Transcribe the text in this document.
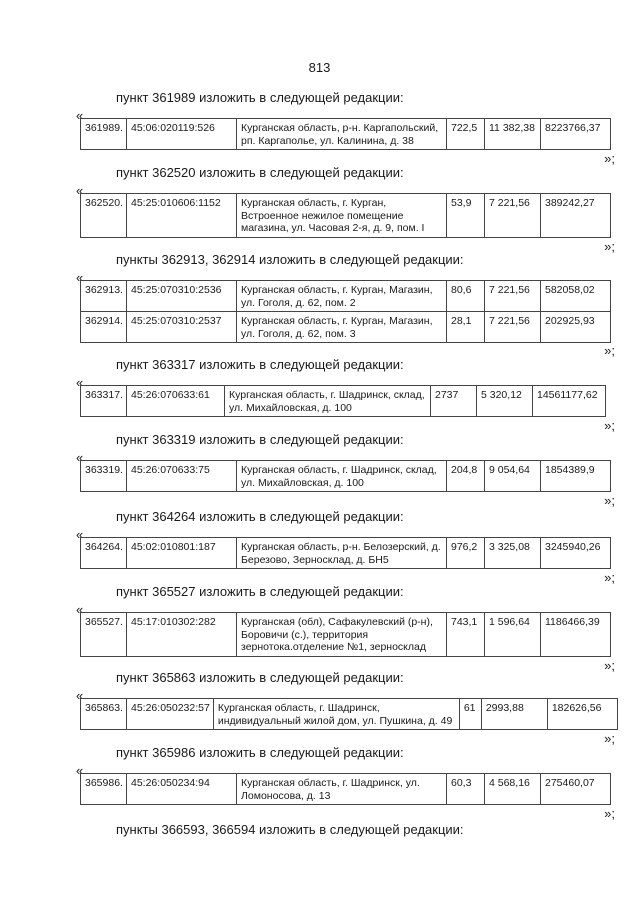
813
пункт 361989 изложить в следующей редакции:
«
361989.	45:06:020119:526	Курганская область, р-н. Каргапольский, рп. Каргаполье, ул. Калинина, д. 38	722,5	11 382,38	8223766,37
»;
пункт 362520 изложить в следующей редакции:
«
362520.	45:25:010606:1152	Курганская область, г. Курган, Встроенное нежилое помещение магазина, ул. Часовая 2-я, д. 9, пом. I	53,9	7 221,56	389242,27
»;
пункты 362913, 362914 изложить в следующей редакции:
«
362913.	45:25:070310:2536	Курганская область, г. Курган, Магазин, ул. Гоголя, д. 62, пом. 2	80,6	7 221,56	582058,02
362914.	45:25:070310:2537	Курганская область, г. Курган, Магазин, ул. Гоголя, д. 62, пом. 3	28,1	7 221,56	202925,93
»;
пункт 363317 изложить в следующей редакции:
«
363317.	45:26:070633:61	Курганская область, г. Шадринск, склад, ул. Михайловская, д. 100	2737	5 320,12	14561177,62
»;
пункт 363319 изложить в следующей редакции:
«
363319.	45:26:070633:75	Курганская область, г. Шадринск, склад, ул. Михайловская, д. 100	204,8	9 054,64	1854389,9
»;
пункт 364264 изложить в следующей редакции:
«
364264.	45:02:010801:187	Курганская область, р-н. Белозерский, д. Березово, Зерносклад, д. БН5	976,2	3 325,08	3245940,26
»;
пункт 365527 изложить в следующей редакции:
«
365527.	45:17:010302:282	Курганская (обл), Сафакулевский (р-н), Боровичи (с.), территория зернотока.отделение №1, зерносклад	743,1	1 596,64	1186466,39
»;
пункт 365863 изложить в следующей редакции:
«
365863.	45:26:050232:57	Курганская область, г. Шадринск, индивидуальный жилой дом, ул. Пушкина, д. 49	61	2993,88	182626,56
»;
пункт 365986 изложить в следующей редакции:
«
365986.	45:26:050234:94	Курганская область, г. Шадринск, ул. Ломоносова, д. 13	60,3	4 568,16	275460,07
»;
пункты 366593, 366594 изложить в следующей редакции:
